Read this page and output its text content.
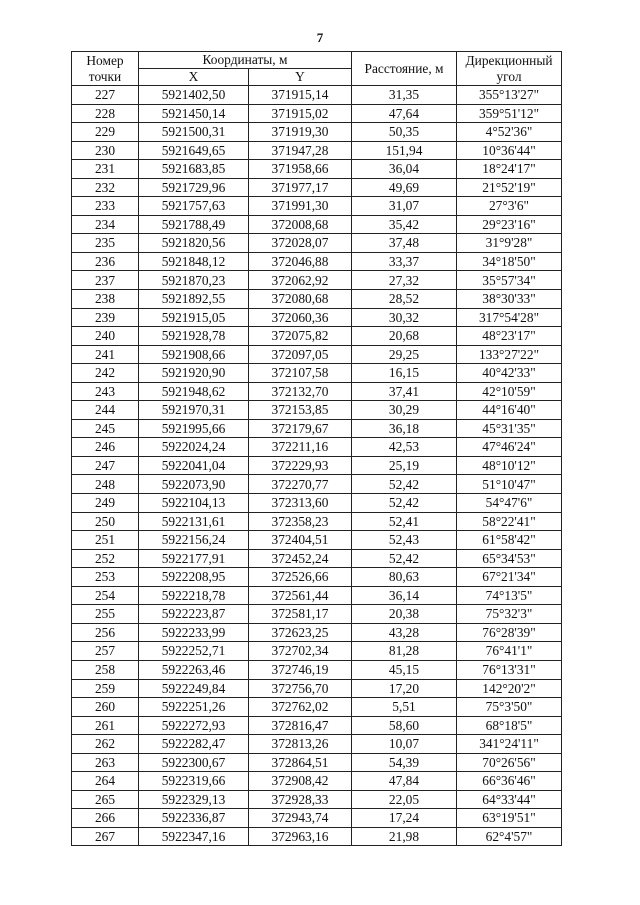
7
Номер
точки	Координаты, м		Расстояние, м	Дирекционный
угол

	X	Y		
227	5921402,50	371915,14	31,35	355°13'27"
228	5921450,14	371915,02	47,64	359°51'12"
229	5921500,31	371919,30	50,35	4°52'36"
230	5921649,65	371947,28	151,94	10°36'44"
231	5921683,85	371958,66	36,04	18°24'17"
232	5921729,96	371977,17	49,69	21°52'19"
233	5921757,63	371991,30	31,07	27°3'6"
234	5921788,49	372008,68	35,42	29°23'16"
235	5921820,56	372028,07	37,48	31°9'28"
236	5921848,12	372046,88	33,37	34°18'50"
237	5921870,23	372062,92	27,32	35°57'34"
238	5921892,55	372080,68	28,52	38°30'33"
239	5921915,05	372060,36	30,32	317°54'28"
240	5921928,78	372075,82	20,68	48°23'17"
241	5921908,66	372097,05	29,25	133°27'22"
242	5921920,90	372107,58	16,15	40°42'33"
243	5921948,62	372132,70	37,41	42°10'59"
244	5921970,31	372153,85	30,29	44°16'40"
245	5921995,66	372179,67	36,18	45°31'35"
246	5922024,24	372211,16	42,53	47°46'24"
247	5922041,04	372229,93	25,19	48°10'12"
248	5922073,90	372270,77	52,42	51°10'47"
249	5922104,13	372313,60	52,42	54°47'6"
250	5922131,61	372358,23	52,41	58°22'41"
251	5922156,24	372404,51	52,43	61°58'42"
252	5922177,91	372452,24	52,42	65°34'53"
253	5922208,95	372526,66	80,63	67°21'34"
254	5922218,78	372561,44	36,14	74°13'5"
255	5922223,87	372581,17	20,38	75°32'3"
256	5922233,99	372623,25	43,28	76°28'39"
257	5922252,71	372702,34	81,28	76°41'1"
258	5922263,46	372746,19	45,15	76°13'31"
259	5922249,84	372756,70	17,20	142°20'2"
260	5922251,26	372762,02	5,51	75°3'50"
261	5922272,93	372816,47	58,60	68°18'5"
262	5922282,47	372813,26	10,07	341°24'11"
263	5922300,67	372864,51	54,39	70°26'56"
264	5922319,66	372908,42	47,84	66°36'46"
265	5922329,13	372928,33	22,05	64°33'44"
266	5922336,87	372943,74	17,24	63°19'51"
267	5922347,16	372963,16	21,98	62°4'57"
